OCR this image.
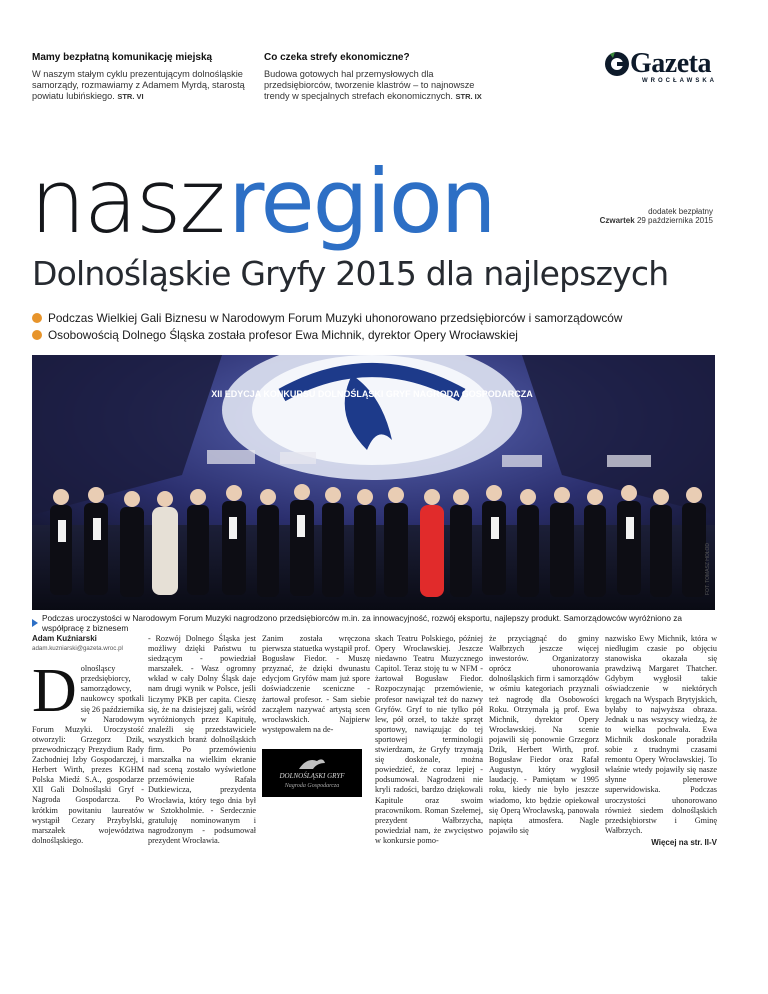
Mamy bezpłatną komunikację miejską
W naszym stałym cyklu prezentującym dolnośląskie samorządy, rozmawiamy z Adamem Myrdą, starostą powiatu lubińskiego. STR. VI
Co czeka strefy ekonomiczne?
Budowa gotowych hal przemysłowych dla przedsiębiorców, tworzenie klastrów – to najnowsze trendy w specjalnych strefach ekonomicznych. STR. IX
Gazeta
WROCŁAWSKA
nasz region	dodatek bezpłatny
Czwartek 29 października 2015
Dolnośląskie Gryfy 2015 dla najlepszych
Podczas Wielkiej Gali Biznesu w Narodowym Forum Muzyki uhonorowano przedsiębiorców i samorządowców
Osobowością Dolnego Śląska została profesor Ewa Michnik, dyrektor Opery Wrocławskiej
XII EDYCJA KONKURSU DOLNOŚLĄSKI GRYF NAGRODA GOSPODARCZA
FOT. TOMASZ HOŁOD
Podczas uroczystości w Narodowym Forum Muzyki nagrodzono przedsiębiorców m.in. za innowacyjność, rozwój eksportu, najlepszy produkt. Samorządowców wyróżniono za współpracę z biznesem
Adam Kuźniarski
adam.kuzniarski@gazeta.wroc.pl
D olnośląscy przedsiębiorcy, samorządowcy, naukowcy spotkali się 26 października w Narodowym Forum Muzyki. Uroczystość otworzyli: Grzegorz Dzik, przewodniczący Prezydium Rady Zachodniej Izby Gospodarczej, i Herbert Wirth, prezes KGHM Polska Miedź S.A., gospodarze XII Gali Dolnośląski Gryf - Nagroda Gospodarcza. Po krótkim powitaniu laureatów wystąpił Cezary Przybylski, marszałek województwa dolnośląskiego.
- Rozwój Dolnego Śląska jest możliwy dzięki Państwu tu siedzącym - powiedział marszałek. - Wasz ogromny wkład w cały Dolny Śląsk daje nam drugi wynik w Polsce, jeśli liczymy PKB per capita. Cieszę się, że na dzisiejszej gali, wśród wyróżnionych przez Kapitułę, znaleźli się przedstawiciele wszystkich branż dolnośląskich firm. Po przemówieniu marszałka na wielkim ekranie nad sceną zostało wyświetlone przemówienie Rafała Dutkiewicza, prezydenta Wrocławia, który tego dnia był w Sztokholmie. - Serdecznie gratuluję nominowanym i nagrodzonym - podsumował prezydent Wrocławia.
Zanim została wręczona pierwsza statuetka wystąpił prof. Bogusław Fiedor. - Muszę przyznać, że dzięki dwunastu edycjom Gryfów mam już spore doświadczenie sceniczne - żartował profesor. - Sam siebie zacząłem nazywać artystą scen wrocławskich. Najpierw występowałem na de-
DOLNOŚLĄSKI GRYF
Nagroda Gospodarcza
skach Teatru Polskiego, później Opery Wrocławskiej. Jeszcze niedawno Teatru Muzycznego Capitol. Teraz stoję tu w NFM - żartował Bogusław Fiedor. Rozpoczynając przemówienie, profesor nawiązał też do nazwy Gryfów. Gryf to nie tylko pół lew, pół orzeł, to także sprzęt sportowy, nawiązując do tej sportowej terminologii stwierdzam, że Gryfy trzymają się doskonale, można powiedzieć, że coraz lepiej - podsumował. Nagrodzeni nie kryli radości, bardzo dziękowali Kapitule oraz swoim pracownikom. Roman Szełemej, prezydent Wałbrzycha, powiedział nam, że zwycięstwo w konkursie pomo-
że przyciągnąć do gminy Wałbrzych jeszcze więcej inwestorów. Organizatorzy oprócz uhonorowania dolnośląskich firm i samorządów w ośmiu kategoriach przyznali też nagrodę dla Osobowości Roku. Otrzymała ją prof. Ewa Michnik, dyrektor Opery Wrocławskiej. Na scenie pojawili się ponownie Grzegorz Dzik, Herbert Wirth, prof. Bogusław Fiedor oraz Rafał Augustyn, który wygłosił laudację. - Pamiętam w 1995 roku, kiedy nie było jeszcze wiadomo, kto będzie opiekował się Operą Wrocławską, panowała napięta atmosfera. Nagle pojawiło się
nazwisko Ewy Michnik, która w niedługim czasie po objęciu stanowiska okazała się prawdziwą Margaret Thatcher. Gdybym wygłosił takie oświadczenie w niektórych kręgach na Wyspach Brytyjskich, byłaby to najwyższa obraza. Jednak u nas wszyscy wiedzą, że to wielka pochwała. Ewa Michnik doskonale poradziła sobie z trudnymi czasami remontu Opery Wrocławskiej. To właśnie wtedy pojawiły się nasze słynne plenerowe superwidowiska. Podczas uroczystości uhonorowano również siedem dolnośląskich przedsiębiorstw i Gminę Wałbrzych.
Więcej na str. II-V
